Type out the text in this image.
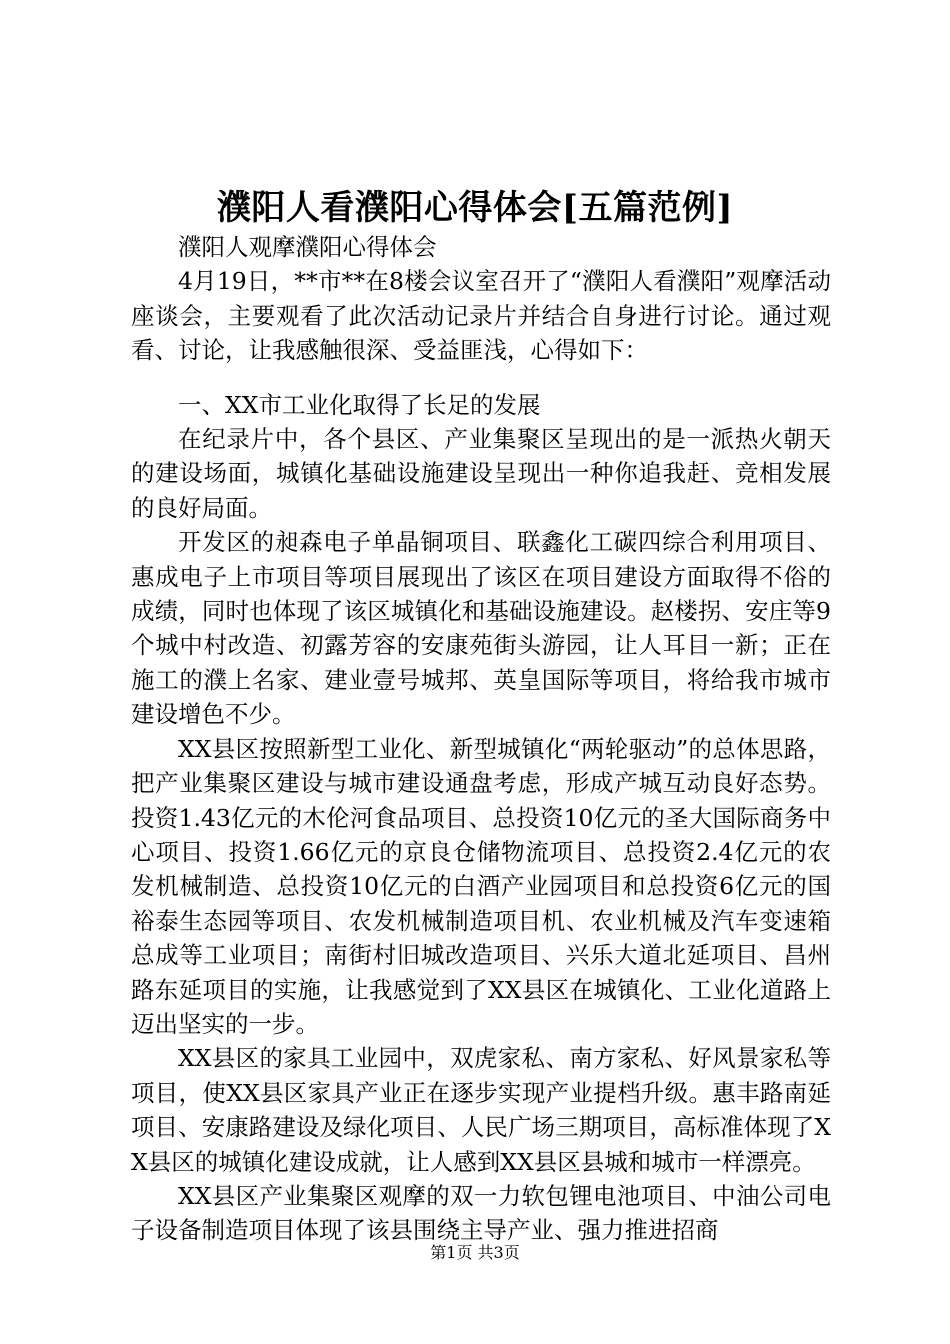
濮阳人看濮阳心得体会[五篇范例]

濮阳人观摩濮阳心得体会

4月19日，**市**在8楼会议室召开了“濮阳人看濮阳”观摩活动座谈会，主要观看了此次活动记录片并结合自身进行讨论。通过观看、讨论，让我感触很深、受益匪浅，心得如下：

一、XX市工业化取得了长足的发展

在纪录片中，各个县区、产业集聚区呈现出的是一派热火朝天的建设场面，城镇化基础设施建设呈现出一种你追我赶、竞相发展的良好局面。

开发区的昶森电子单晶铜项目、联鑫化工碳四综合利用项目、惠成电子上市项目等项目展现出了该区在项目建设方面取得不俗的成绩，同时也体现了该区城镇化和基础设施建设。赵楼拐、安庄等9个城中村改造、初露芳容的安康苑街头游园，让人耳目一新；正在施工的濮上名家、建业壹号城邦、英皇国际等项目，将给我市城市建设增色不少。

XX县区按照新型工业化、新型城镇化“两轮驱动”的总体思路，把产业集聚区建设与城市建设通盘考虑，形成产城互动良好态势。投资1.43亿元的木伦河食品项目、总投资10亿元的圣大国际商务中心项目、投资1.66亿元的京良仓储物流项目、总投资2.4亿元的农发机械制造、总投资10亿元的白酒产业园项目和总投资6亿元的国裕泰生态园等项目、农发机械制造项目机、农业机械及汽车变速箱总成等工业项目；南街村旧城改造项目、兴乐大道北延项目、昌州路东延项目的实施，让我感觉到了XX县区在城镇化、工业化道路上迈出坚实的一步。

XX县区的家具工业园中，双虎家私、南方家私、好风景家私等项目，使XX县区家具产业正在逐步实现产业提档升级。惠丰路南延项目、安康路建设及绿化项目、人民广场三期项目，高标准体现了XX县区的城镇化建设成就，让人感到XX县区县城和城市一样漂亮。

XX县区产业集聚区观摩的双一力软包锂电池项目、中油公司电子设备制造项目体现了该县围绕主导产业、强力推进招商

第1页 共3页
